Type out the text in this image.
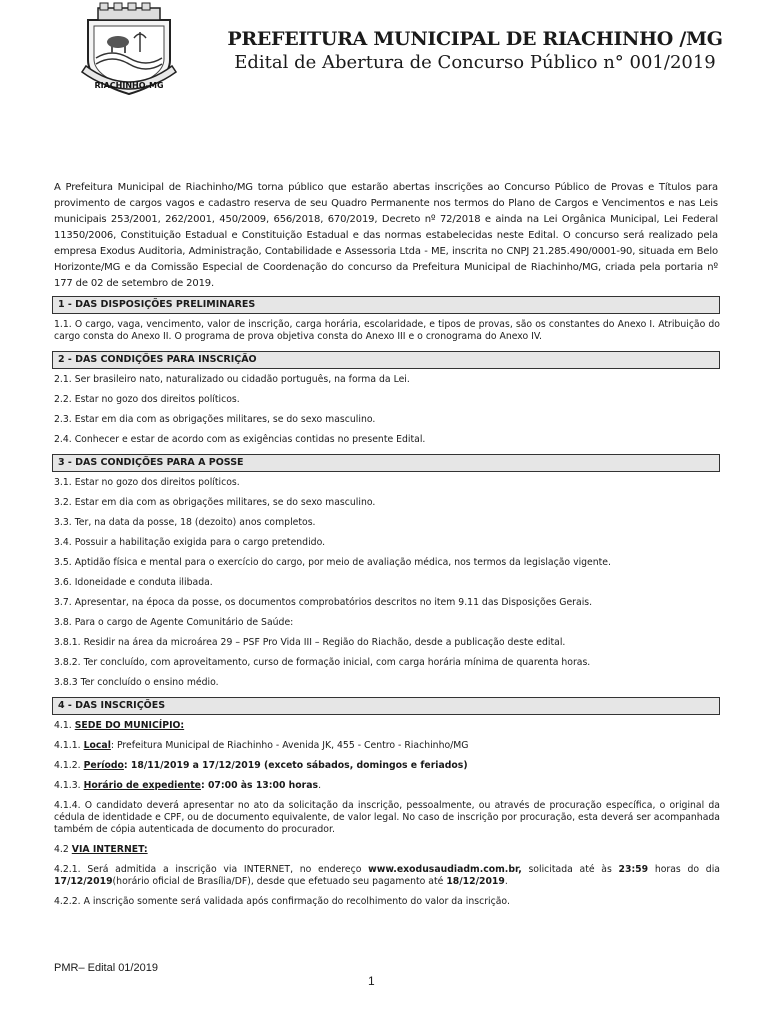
RIACHINHO-MG
PREFEITURA MUNICIPAL DE RIACHINHO /MG
Edital de Abertura de Concurso Público n° 001/2019
A Prefeitura Municipal de Riachinho/MG torna público que estarão abertas inscrições ao Concurso Público de Provas e Títulos para provimento de cargos vagos e cadastro reserva de seu Quadro Permanente nos termos do Plano de Cargos e Vencimentos e nas Leis municipais 253/2001, 262/2001, 450/2009, 656/2018, 670/2019, Decreto nº 72/2018 e ainda na Lei Orgânica Municipal, Lei Federal 11350/2006, Constituição Estadual e Constituição Estadual e das normas estabelecidas neste Edital. O concurso será realizado pela empresa Exodus Auditoria, Administração, Contabilidade e Assessoria Ltda - ME, inscrita no CNPJ 21.285.490/0001-90, situada em Belo Horizonte/MG e da Comissão Especial de Coordenação do concurso da Prefeitura Municipal de Riachinho/MG, criada pela portaria nº 177 de 02 de setembro de 2019.
1 - DAS DISPOSIÇÕES PRELIMINARES
1.1. O cargo, vaga, vencimento, valor de inscrição, carga horária, escolaridade, e tipos de provas, são os constantes do Anexo I. Atribuição do cargo consta do Anexo II. O programa de prova objetiva consta do Anexo III e o cronograma do Anexo IV.
2 - DAS CONDIÇÕES PARA INSCRIÇÃO
2.1. Ser brasileiro nato, naturalizado ou cidadão português, na forma da Lei.
2.2. Estar no gozo dos direitos políticos.
2.3. Estar em dia com as obrigações militares, se do sexo masculino.
2.4. Conhecer e estar de acordo com as exigências contidas no presente Edital.
3 - DAS CONDIÇÕES PARA A POSSE
3.1. Estar no gozo dos direitos políticos.
3.2. Estar em dia com as obrigações militares, se do sexo masculino.
3.3. Ter, na data da posse, 18 (dezoito) anos completos.
3.4. Possuir a habilitação exigida para o cargo pretendido.
3.5. Aptidão física e mental para o exercício do cargo, por meio de avaliação médica, nos termos da legislação vigente.
3.6. Idoneidade e conduta ilibada.
3.7. Apresentar, na época da posse, os documentos comprobatórios descritos no item 9.11 das Disposições Gerais.
3.8. Para o cargo de Agente Comunitário de Saúde:
3.8.1. Residir na área da microárea 29 – PSF Pro Vida III – Região do Riachão, desde a publicação deste edital.
3.8.2. Ter concluído, com aproveitamento, curso de formação inicial, com carga horária mínima de quarenta horas.
3.8.3 Ter concluído o ensino médio.
4 - DAS INSCRIÇÕES
4.1. SEDE DO MUNICÍPIO:
4.1.1. Local: Prefeitura Municipal de Riachinho - Avenida JK, 455 - Centro - Riachinho/MG
4.1.2. Período: 18/11/2019 a 17/12/2019 (exceto sábados, domingos e feriados)
4.1.3. Horário de expediente: 07:00 às 13:00 horas.
4.1.4. O candidato deverá apresentar no ato da solicitação da inscrição, pessoalmente, ou através de procuração específica, o original da cédula de identidade e CPF, ou de documento equivalente, de valor legal. No caso de inscrição por procuração, esta deverá ser acompanhada também de cópia autenticada de documento do procurador.
4.2 VIA INTERNET:
4.2.1. Será admitida a inscrição via INTERNET, no endereço www.exodusaudiadm.com.br, solicitada até às 23:59 horas do dia 17/12/2019(horário oficial de Brasília/DF), desde que efetuado seu pagamento até 18/12/2019.
4.2.2. A inscrição somente será validada após confirmação do recolhimento do valor da inscrição.
PMR– Edital 01/2019
1
